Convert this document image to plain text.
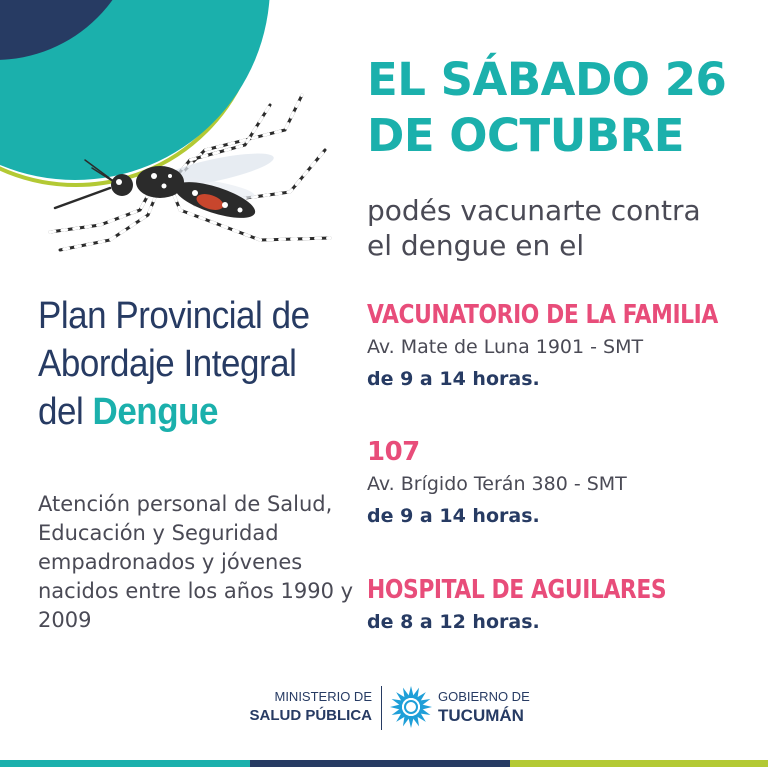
EL SÁBADO 26
DE OCTUBRE

podés vacunarte contra
el dengue en el

Plan Provincial de
Abordaje Integral
del Dengue

Atención personal de Salud, Educación y Seguridad empadronados y jóvenes nacidos entre los años 1990 y 2009

VACUNATORIO DE LA FAMILIA
Av. Mate de Luna 1901 - SMT
de 9 a 14 horas.
107
Av. Brígido Terán 380 - SMT
de 9 a 14 horas.
HOSPITAL DE AGUILARES
de 8 a 12 horas.
MINISTERIO DE
SALUD PÚBLICA
GOBIERNO DE
TUCUMÁN
